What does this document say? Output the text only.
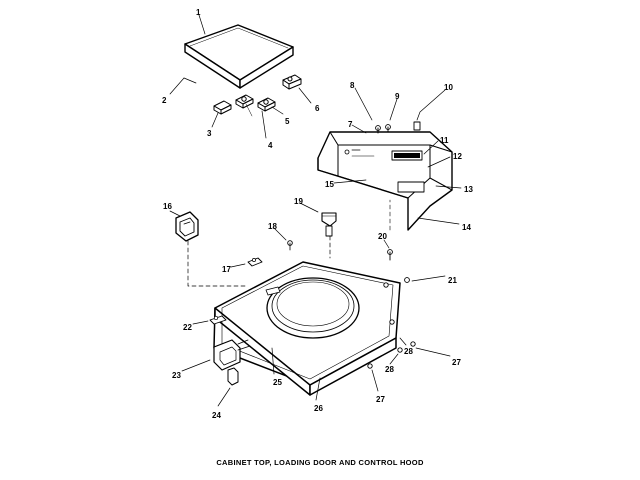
1
2
3
4
5
6
7
8
9
10
11
12
13
14
15
16
17
18
19
20
21
22
23
24
25
26
27
28
27
28
CABINET TOP, LOADING DOOR AND CONTROL HOOD
